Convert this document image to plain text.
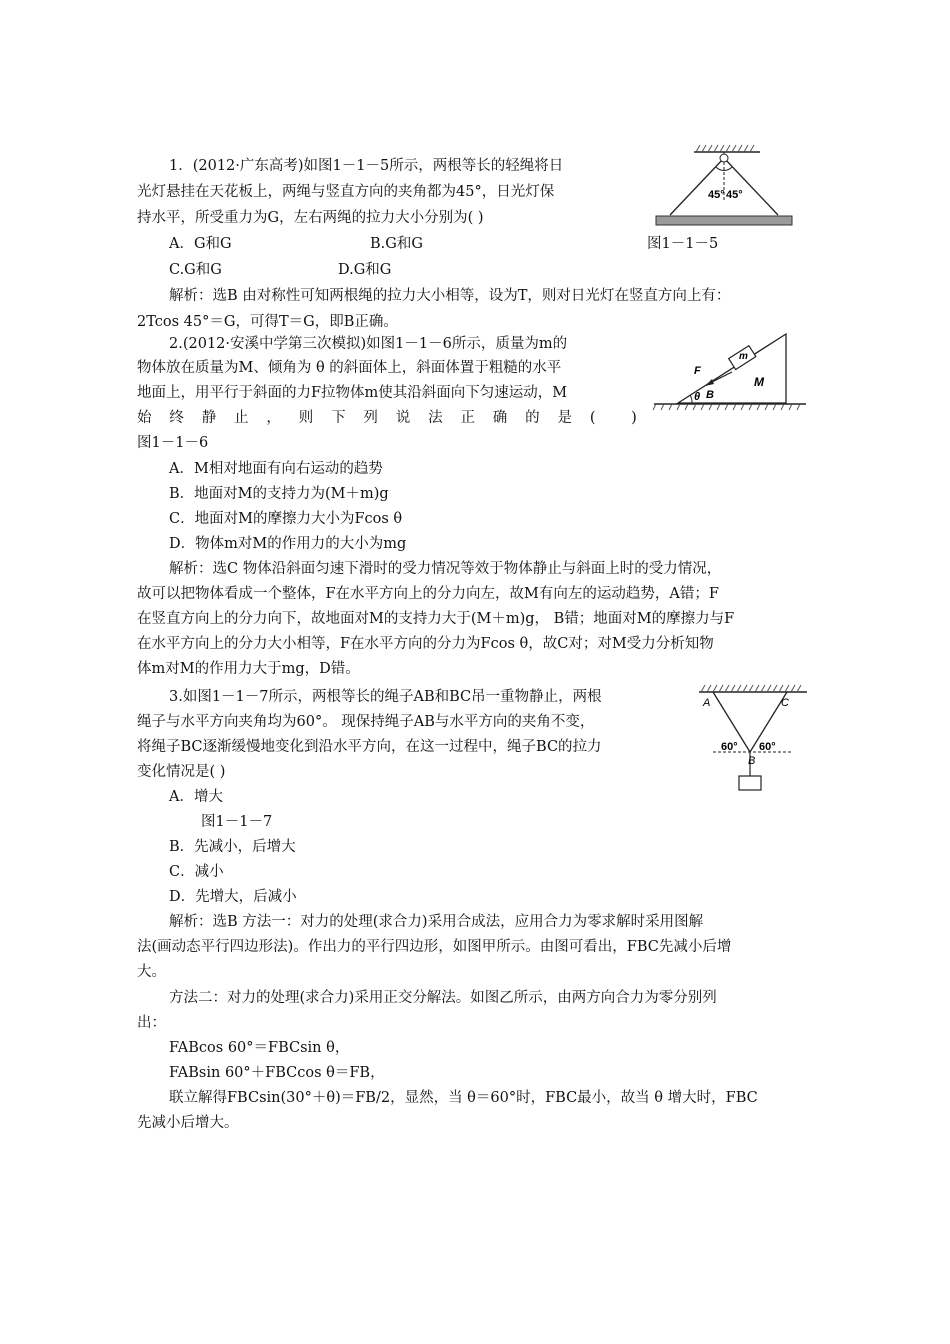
1．(2012·广东高考)如图1－1－5所示，两根等长的轻绳将日
光灯悬挂在天花板上，两绳与竖直方向的夹角都为45°，日光灯保
持水平，所受重力为G，左右两绳的拉力大小分别为( )
A．G和G	B.G和G
C.G和G	D.G和G
解析：选B 由对称性可知两根绳的拉力大小相等，设为T，则对日光灯在竖直方向上有：
2Tcos 45°＝G，可得T＝G，即B正确。
45° 45°
图1－1－5
2.(2012·安溪中学第三次模拟)如图1－1－6所示，质量为m的
物体放在质量为M、倾角为 θ 的斜面体上，斜面体置于粗糙的水平
地面上，用平行于斜面的力F拉物体m使其沿斜面向下匀速运动，M
始 终 静 止 ， 则 下 列 说 法 正 确 的 是 ( )
图1－1－6
A．M相对地面有向右运动的趋势
B．地面对M的支持力为(M＋m)g
C．地面对M的摩擦力大小为Fcos θ
D．物体m对M的作用力的大小为mg
解析：选C 物体沿斜面匀速下滑时的受力情况等效于物体静止与斜面上时的受力情况，
故可以把物体看成一个整体，F在水平方向上的分力向左，故M有向左的运动趋势，A错；F
在竖直方向上的分力向下，故地面对M的支持力大于(M＋m)g， B错；地面对M的摩擦力与F
在水平方向上的分力大小相等，F在水平方向的分力为Fcos θ，故C对；对M受力分析知物
体m对M的作用力大于mg，D错。
θ B
M
m
F
3.如图1－1－7所示，两根等长的绳子AB和BC吊一重物静止，两根
绳子与水平方向夹角均为60°。 现保持绳子AB与水平方向的夹角不变，
将绳子BC逐渐缓慢地变化到沿水平方向，在这一过程中，绳子BC的拉力
变化情况是( )
A．增大
图1－1－7
B．先减小，后增大
C．减小
D．先增大，后减小
解析：选B 方法一：对力的处理(求合力)采用合成法，应用合力为零求解时采用图解
法(画动态平行四边形法)。作出力的平行四边形，如图甲所示。由图可看出，FBC先减小后增
大。
方法二：对力的处理(求合力)采用正交分解法。如图乙所示，由两方向合力为零分别列
出：
FABcos 60°＝FBCsin θ，
FABsin 60°＋FBCcos θ＝FB，
联立解得FBCsin(30°＋θ)＝FB/2，显然，当 θ＝60°时，FBC最小，故当 θ 增大时，FBC
先减小后增大。
A	C
B
60° 60°
